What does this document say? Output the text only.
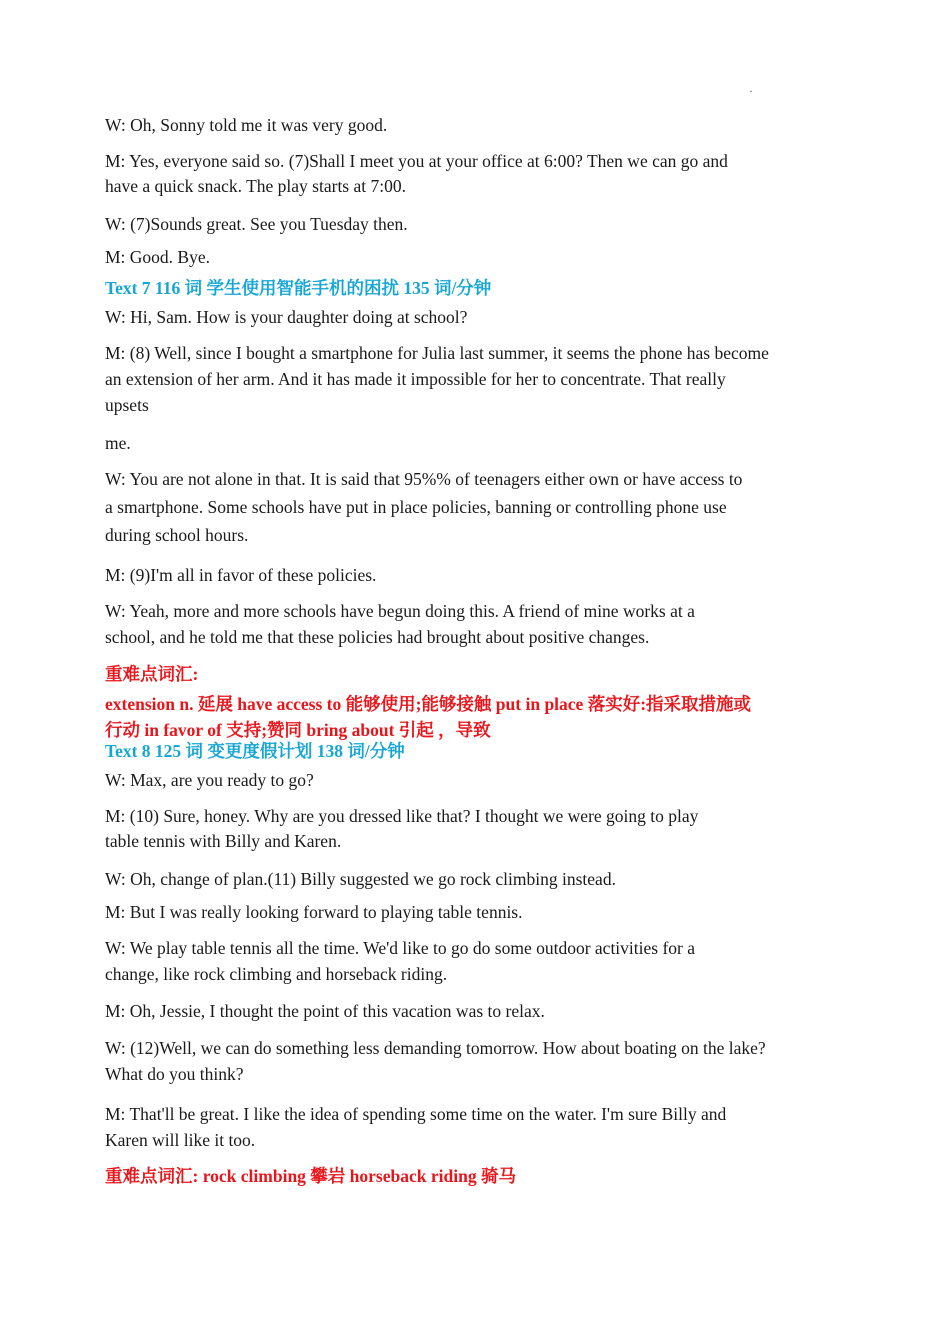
·
W: Oh, Sonny told me it was very good.
M: Yes, everyone said so. (7)Shall I meet you at your office at 6:00? Then we can go and
have a quick snack. The play starts at 7:00.
W: (7)Sounds great. See you Tuesday then.
M: Good. Bye.
Text 7 116 词 学生使用智能手机的困扰 135 词/分钟
W: Hi, Sam. How is your daughter doing at school?
M: (8) Well, since I bought a smartphone for Julia last summer, it seems the phone has become
an extension of her arm. And it has made it impossible for her to concentrate. That really
upsets
me.
W: You are not alone in that. It is said that 95%% of teenagers either own or have access to
a smartphone. Some schools have put in place policies, banning or controlling phone use
during school hours.
M: (9)I'm all in favor of these policies.
W: Yeah, more and more schools have begun doing this. A friend of mine works at a
school, and he told me that these policies had brought about positive changes.
重难点词汇:
extension n. 延展 have access to 能够使用;能够接触 put in place 落实好:指采取措施或
行动 in favor of 支持;赞同 bring about 引起 ，导致
Text 8 125 词 变更度假计划 138 词/分钟
W: Max, are you ready to go?
M: (10) Sure, honey. Why are you dressed like that? I thought we were going to play
table tennis with Billy and Karen.
W: Oh, change of plan.(11) Billy suggested we go rock climbing instead.
M: But I was really looking forward to playing table tennis.
W: We play table tennis all the time. We'd like to go do some outdoor activities for a
change, like rock climbing and horseback riding.
M: Oh, Jessie, I thought the point of this vacation was to relax.
W: (12)Well, we can do something less demanding tomorrow. How about boating on the lake?
What do you think?
M: That'll be great. I like the idea of spending some time on the water. I'm sure Billy and
Karen will like it too.
重难点词汇: rock climbing 攀岩 horseback riding 骑马
